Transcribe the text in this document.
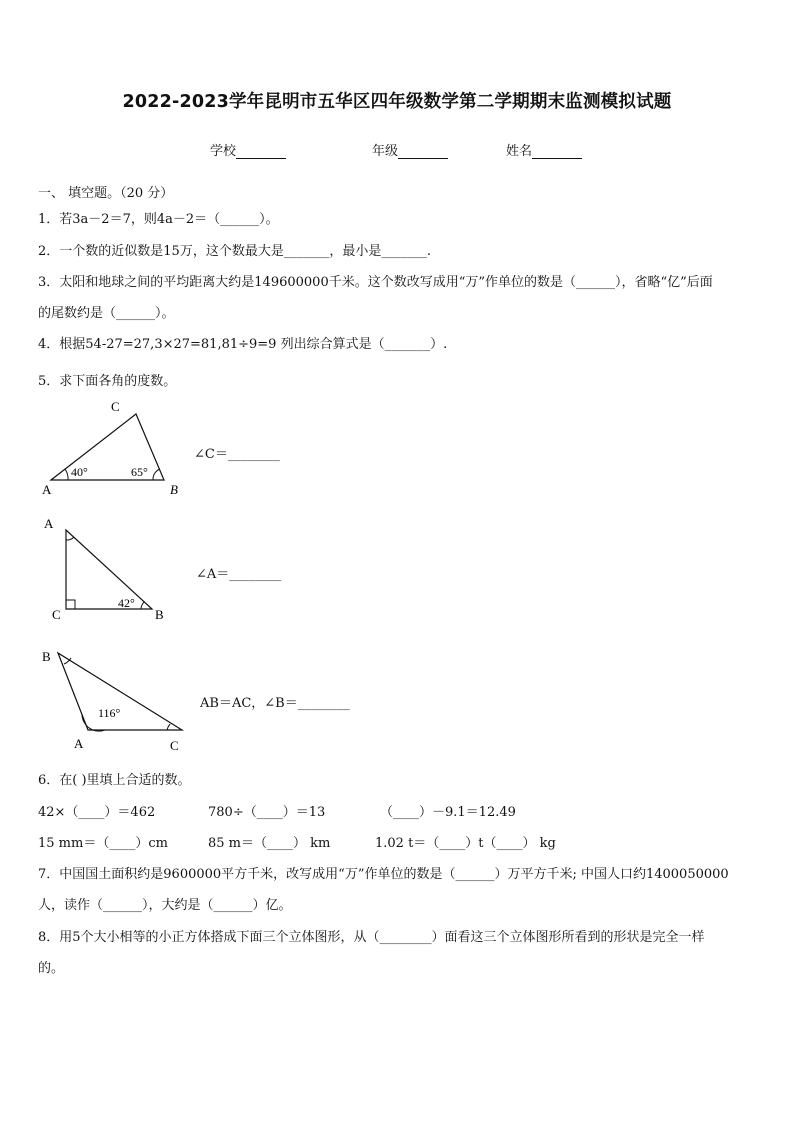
2022-2023学年昆明市五华区四年级数学第二学期期末监测模拟试题
学校	年级	姓名
一、 填空题。（20 分）
1．若3a－2＝7，则4a－2＝（______）。
2．一个数的近似数是15万，这个数最大是_______，最小是_______.
3．太阳和地球之间的平均距离大约是149600000千米。这个数改写成用“万”作单位的数是（______），省略“亿”后面
的尾数约是（______）。
4．根据54-27=27,3×27=81,81÷9=9 列出综合算式是（_______）.
5．求下面各角的度数。
A	B
C
40°	65°
∠C＝________
A
C	B
42°
∠A＝________
B
A	C
116°
AB＝AC，∠B＝________
6．在( )里填上合适的数。
42×（____）＝462	780÷（____）＝13	（____）－9.1＝12.49
15 mm＝（____）cm	85 m＝（____） km	1.02 t＝（____）t（____） kg
7．中国国土面积约是9600000平方千米，改写成用“万”作单位的数是（______）万平方千米; 中国人口约1400050000
人，读作（______），大约是（______）亿。
8．用5个大小相等的小正方体搭成下面三个立体图形，从（________）面看这三个立体图形所看到的形状是完全一样
的。
